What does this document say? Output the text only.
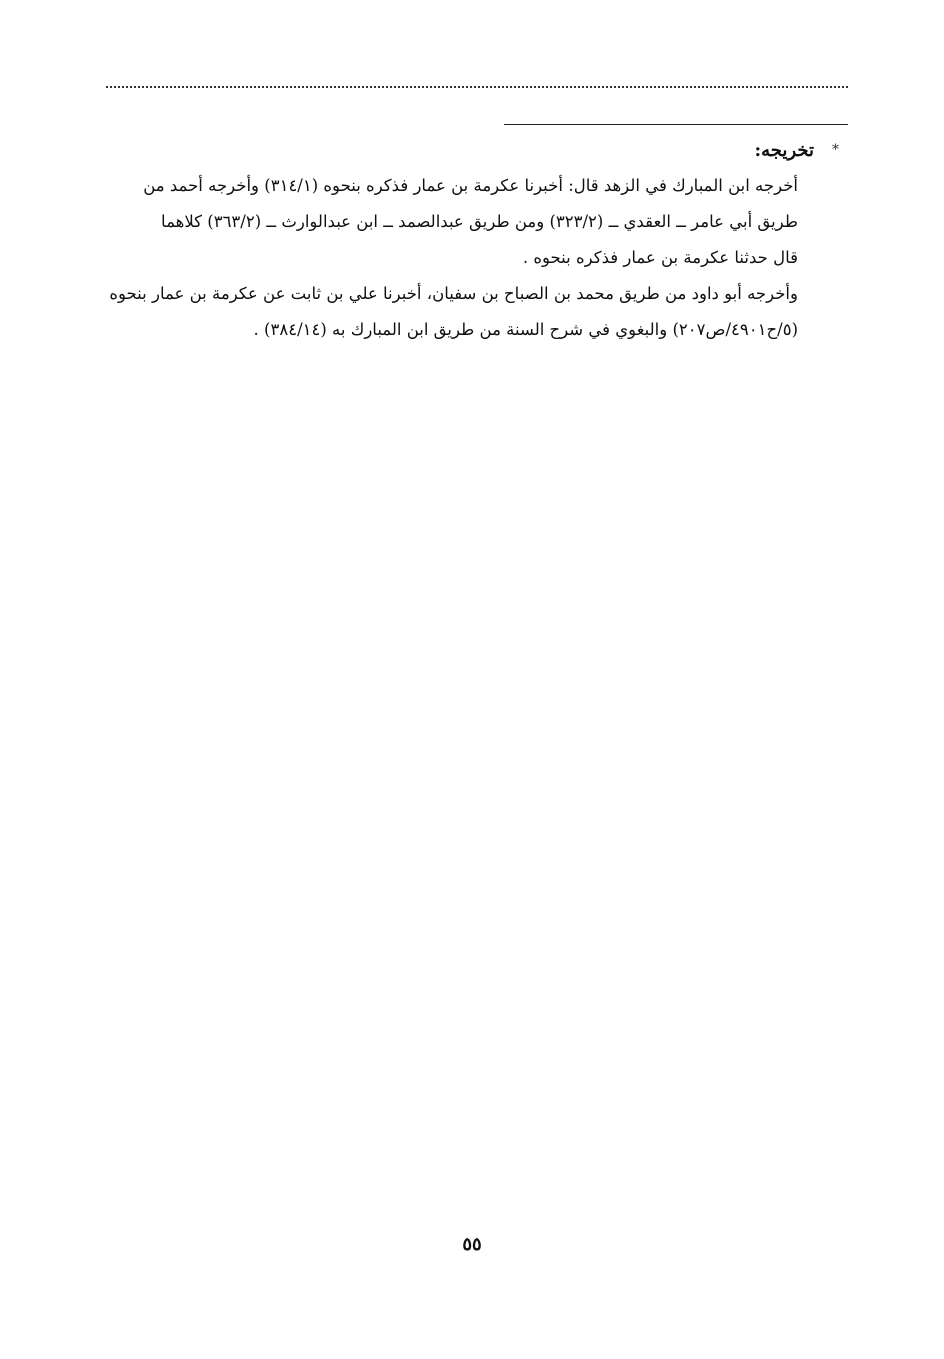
*
تخريجه:

أخرجه ابن المبارك في الزهد قال: أخبرنا عكرمة بن عمار فذكره بنحوه (٣١٤/١) وأخرجه أحمد من
طريق أبي عامر ــ العقدي ــ (٣٢٣/٢) ومن طريق عبدالصمد ــ ابن عبدالوارث ــ (٣٦٣/٢) كلاهما
قال حدثنا عكرمة بن عمار فذكره بنحوه .

وأخرجه أبو داود من طريق محمد بن الصباح بن سفيان، أخبرنا علي بن ثابت عن عكرمة بن عمار بنحوه
(٥/ح٤٩٠١/ص٢٠٧) والبغوي في شرح السنة من طريق ابن المبارك به (٣٨٤/١٤) .

٥٥
